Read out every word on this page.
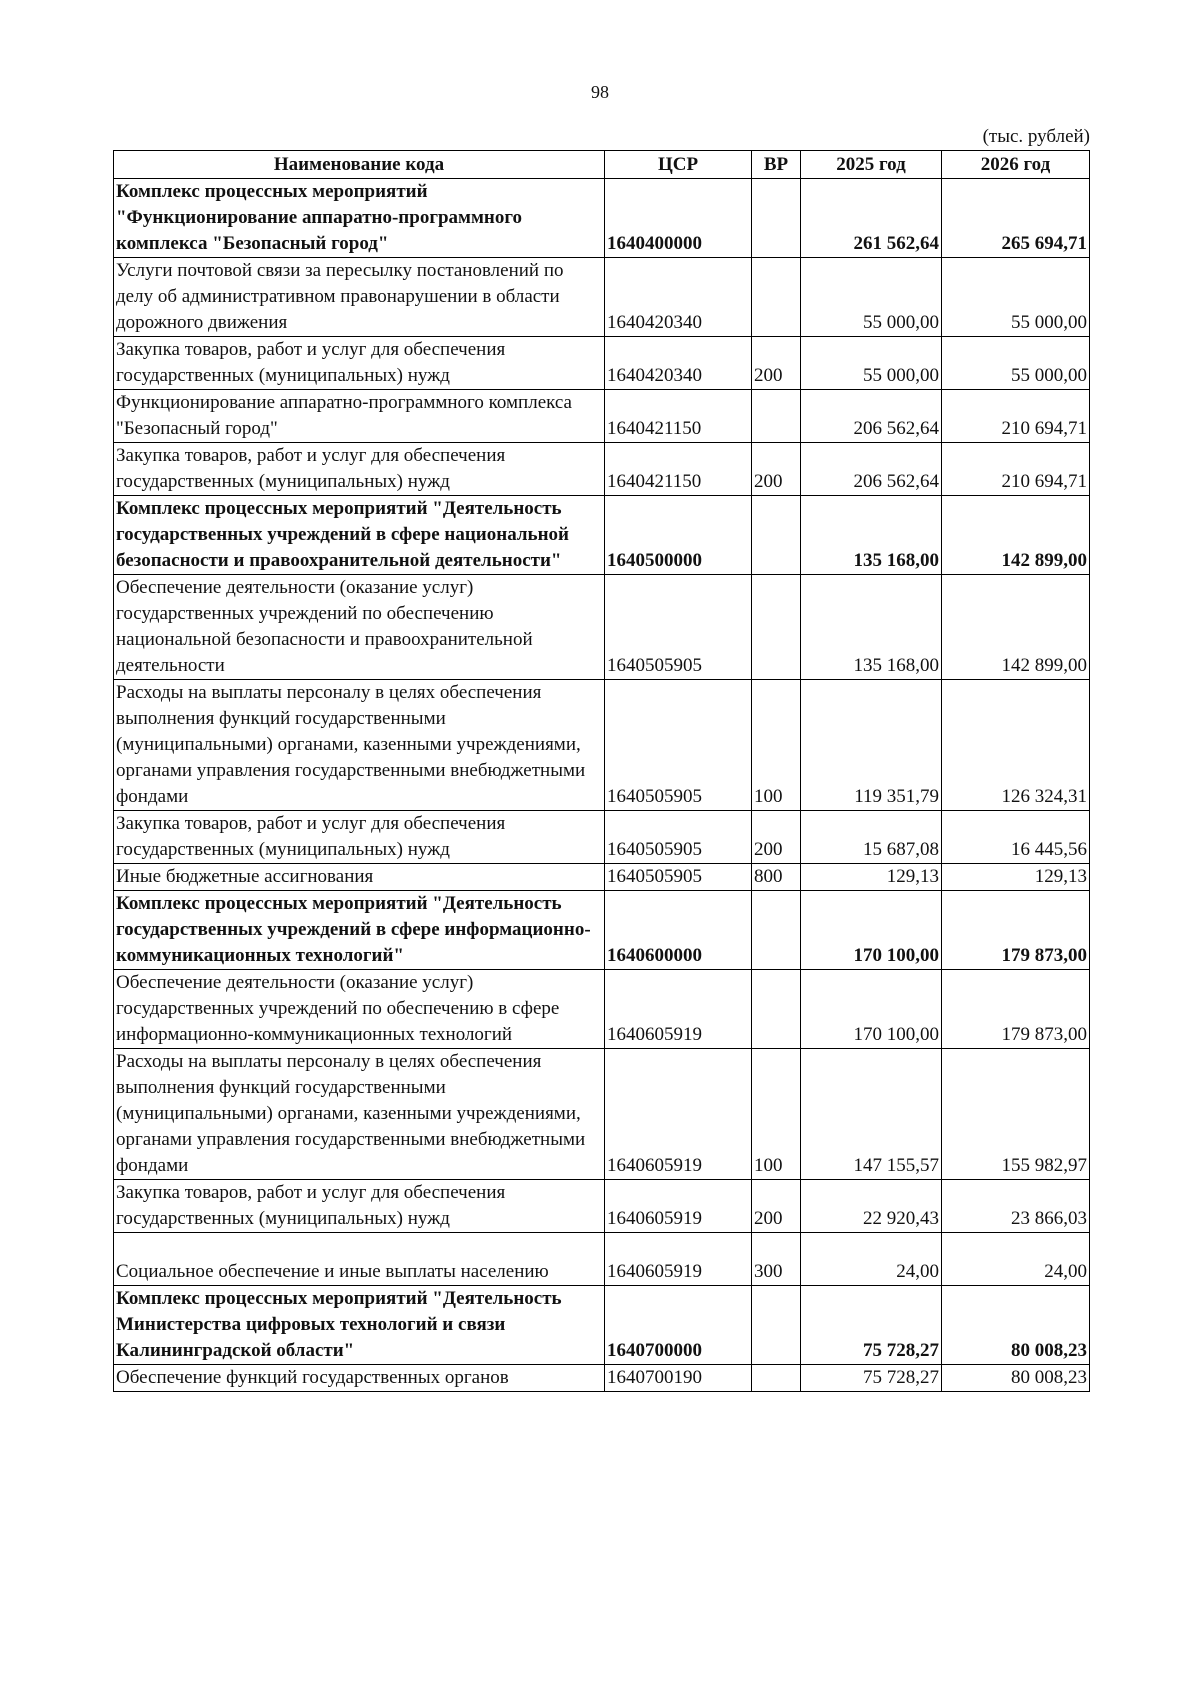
98
(тыс. рублей)
Наименование кода	ЦСР	ВР	2025 год	2026 год
Комплекс процессных мероприятий "Функционирование аппаратно-программного комплекса "Безопасный город"	1640400000		261 562,64	265 694,71
Услуги почтовой связи за пересылку постановлений по делу об административном правонарушении в области дорожного движения	1640420340		55 000,00	55 000,00
Закупка товаров, работ и услуг для обеспечения государственных (муниципальных) нужд	1640420340	200	55 000,00	55 000,00
Функционирование аппаратно-программного комплекса "Безопасный город"	1640421150		206 562,64	210 694,71
Закупка товаров, работ и услуг для обеспечения государственных (муниципальных) нужд	1640421150	200	206 562,64	210 694,71
Комплекс процессных мероприятий "Деятельность государственных учреждений в сфере национальной безопасности и правоохранительной деятельности"	1640500000		135 168,00	142 899,00
Обеспечение деятельности (оказание услуг) государственных учреждений по обеспечению национальной безопасности и правоохранительной деятельности	1640505905		135 168,00	142 899,00
Расходы на выплаты персоналу в целях обеспечения выполнения функций государственными (муниципальными) органами, казенными учреждениями, органами управления государственными внебюджетными фондами	1640505905	100	119 351,79	126 324,31
Закупка товаров, работ и услуг для обеспечения государственных (муниципальных) нужд	1640505905	200	15 687,08	16 445,56
Иные бюджетные ассигнования	1640505905	800	129,13	129,13
Комплекс процессных мероприятий "Деятельность государственных учреждений в сфере информационно-коммуникационных технологий"	1640600000		170 100,00	179 873,00
Обеспечение деятельности (оказание услуг) государственных учреждений по обеспечению в сфере информационно-коммуникационных технологий	1640605919		170 100,00	179 873,00
Расходы на выплаты персоналу в целях обеспечения выполнения функций государственными (муниципальными) органами, казенными учреждениями, органами управления государственными внебюджетными фондами	1640605919	100	147 155,57	155 982,97
Закупка товаров, работ и услуг для обеспечения государственных (муниципальных) нужд	1640605919	200	22 920,43	23 866,03
Социальное обеспечение и иные выплаты населению	1640605919	300	24,00	24,00
Комплекс процессных мероприятий "Деятельность Министерства цифровых технологий и связи Калининградской области"	1640700000		75 728,27	80 008,23
Обеспечение функций государственных органов	1640700190		75 728,27	80 008,23
